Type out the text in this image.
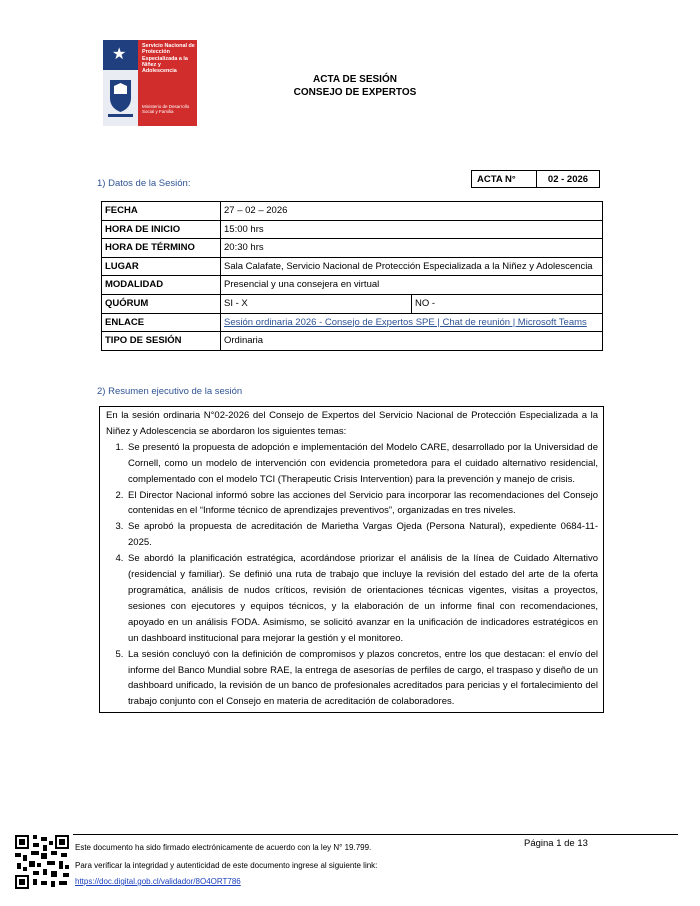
★	Servicio Nacional de Protección Especializada a la Niñez y Adolescencia
Ministerio de Desarrollo Social y Familia
ACTA DE SESIÓN
CONSEJO DE EXPERTOS
1) Datos de la Sesión:	ACTA N°	02 - 2026
FECHA	27 – 02 – 2026	
HORA DE INICIO	15:00 hrs	
HORA DE TÉRMINO	20:30 hrs	
LUGAR	Sala Calafate, Servicio Nacional de Protección Especializada a la Niñez y Adolescencia	
MODALIDAD	Presencial y una consejera en virtual	
QUÓRUM	SI - X	NO -
ENLACE	Sesión ordinaria 2026 - Consejo de Expertos SPE | Chat de reunión | Microsoft Teams	
TIPO DE SESIÓN	Ordinaria	
2) Resumen ejecutivo de la sesión

En la sesión ordinaria N°02-2026 del Consejo de Expertos del Servicio Nacional de Protección Especializada a la Niñez y Adolescencia se abordaron los siguientes temas:

1. Se presentó la propuesta de adopción e implementación del Modelo CARE, desarrollado por la Universidad de Cornell, como un modelo de intervención con evidencia prometedora para el cuidado alternativo residencial, complementado con el modelo TCI (Therapeutic Crisis Intervention) para la prevención y manejo de crisis.
2. El Director Nacional informó sobre las acciones del Servicio para incorporar las recomendaciones del Consejo contenidas en el “Informe técnico de aprendizajes preventivos”, organizadas en tres niveles.
3. Se aprobó la propuesta de acreditación de Marietha Vargas Ojeda (Persona Natural), expediente 0684-11-2025.
4. Se abordó la planificación estratégica, acordándose priorizar el análisis de la línea de Cuidado Alternativo (residencial y familiar). Se definió una ruta de trabajo que incluye la revisión del estado del arte de la oferta programática, análisis de nudos críticos, revisión de orientaciones técnicas vigentes, visitas a proyectos, sesiones con ejecutores y equipos técnicos, y la elaboración de un informe final con recomendaciones, apoyado en un análisis FODA. Asimismo, se solicitó avanzar en la unificación de indicadores estratégicos en un dashboard institucional para mejorar la gestión y el monitoreo.
5. La sesión concluyó con la definición de compromisos y plazos concretos, entre los que destacan: el envío del informe del Banco Mundial sobre RAE, la entrega de asesorías de perfiles de cargo, el traspaso y diseño de un dashboard unificado, la revisión de un banco de profesionales acreditados para pericias y el fortalecimiento del trabajo conjunto con el Consejo en materia de acreditación de colaboradores.
Este documento ha sido firmado electrónicamente de acuerdo con la ley N° 19.799.
Para verificar la integridad y autenticidad de este documento ingrese al siguiente link:
https://doc.digital.gob.cl/validador/8O4ORT786
Página 1 de 13
